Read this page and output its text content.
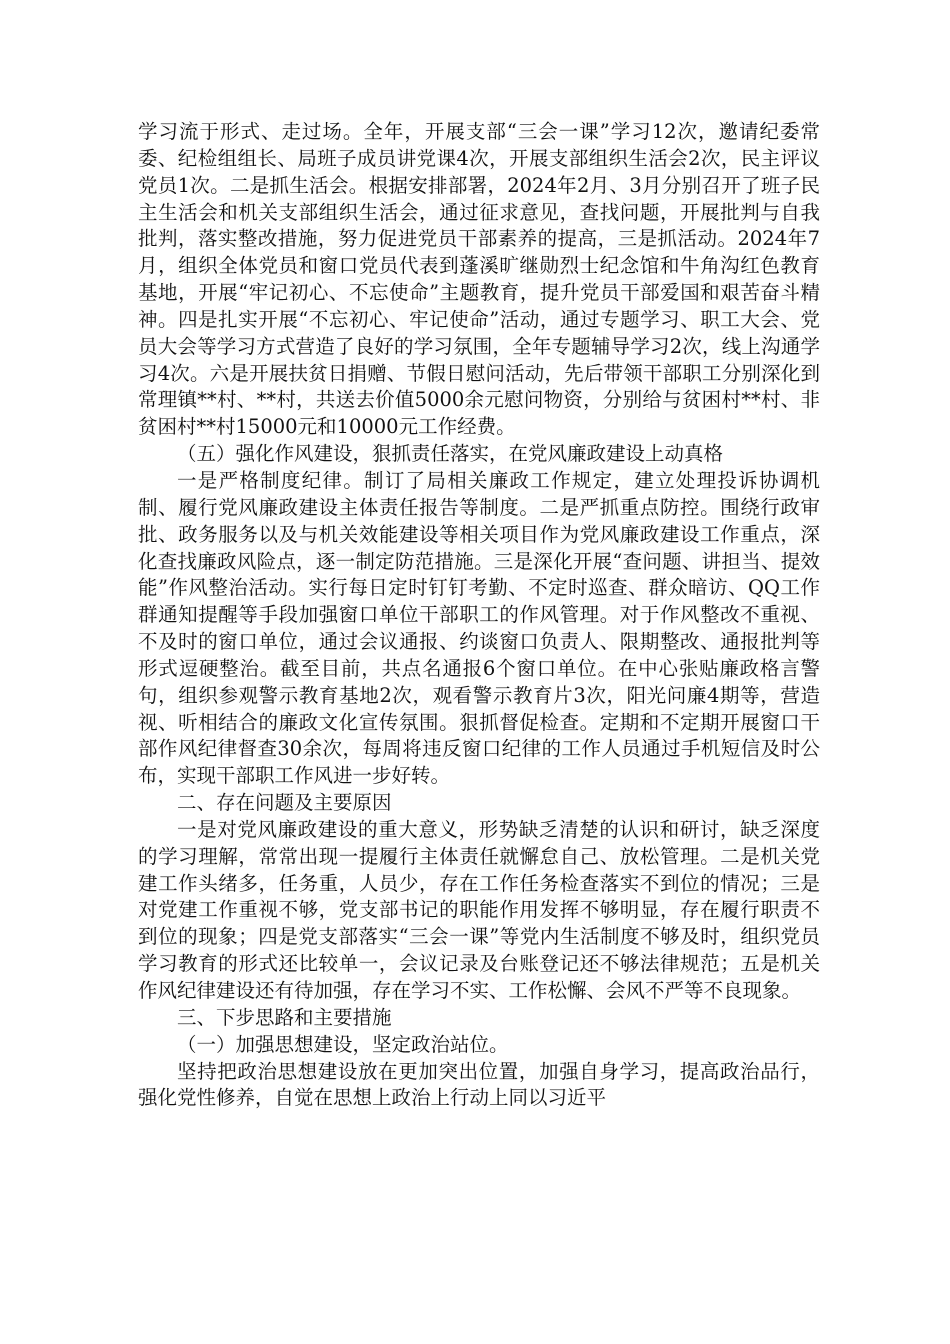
学习流于形式、走过场。全年，开展支部“三会一课”学习12次，邀请纪委常委、纪检组组长、局班子成员讲党课4次，开展支部组织生活会2次，民主评议党员1次。二是抓生活会。根据安排部署，2024年2月、3月分别召开了班子民主生活会和机关支部组织生活会，通过征求意见，查找问题，开展批判与自我批判，落实整改措施，努力促进党员干部素养的提高，三是抓活动。2024年7月，组织全体党员和窗口党员代表到蓬溪旷继勋烈士纪念馆和牛角沟红色教育基地，开展“牢记初心、不忘使命”主题教育，提升党员干部爱国和艰苦奋斗精神。四是扎实开展“不忘初心、牢记使命”活动，通过专题学习、职工大会、党员大会等学习方式营造了良好的学习氛围，全年专题辅导学习2次，线上沟通学习4次。六是开展扶贫日捐赠、节假日慰问活动，先后带领干部职工分别深化到常理镇**村、**村，共送去价值5000余元慰问物资，分别给与贫困村**村、非贫困村**村15000元和10000元工作经费。

（五）强化作风建设，狠抓责任落实，在党风廉政建设上动真格

一是严格制度纪律。制订了局相关廉政工作规定，建立处理投诉协调机制、履行党风廉政建设主体责任报告等制度。二是严抓重点防控。围绕行政审批、政务服务以及与机关效能建设等相关项目作为党风廉政建设工作重点，深化查找廉政风险点，逐一制定防范措施。三是深化开展“查问题、讲担当、提效能”作风整治活动。实行每日定时钉钉考勤、不定时巡查、群众暗访、QQ工作群通知提醒等手段加强窗口单位干部职工的作风管理。对于作风整改不重视、不及时的窗口单位，通过会议通报、约谈窗口负责人、限期整改、通报批判等形式逗硬整治。截至目前，共点名通报6个窗口单位。在中心张贴廉政格言警句，组织参观警示教育基地2次，观看警示教育片3次，阳光问廉4期等，营造视、听相结合的廉政文化宣传氛围。狠抓督促检查。定期和不定期开展窗口干部作风纪律督查30余次，每周将违反窗口纪律的工作人员通过手机短信及时公布，实现干部职工作风进一步好转。

二、存在问题及主要原因

一是对党风廉政建设的重大意义，形势缺乏清楚的认识和研讨，缺乏深度的学习理解，常常出现一提履行主体责任就懈怠自己、放松管理。二是机关党建工作头绪多，任务重，人员少，存在工作任务检查落实不到位的情况；三是对党建工作重视不够，党支部书记的职能作用发挥不够明显，存在履行职责不到位的现象；四是党支部落实“三会一课”等党内生活制度不够及时，组织党员学习教育的形式还比较单一，会议记录及台账登记还不够法律规范；五是机关作风纪律建设还有待加强，存在学习不实、工作松懈、会风不严等不良现象。

三、下步思路和主要措施

（一）加强思想建设，坚定政治站位。

坚持把政治思想建设放在更加突出位置，加强自身学习，提高政治品行，强化党性修养，自觉在思想上政治上行动上同以习近平
